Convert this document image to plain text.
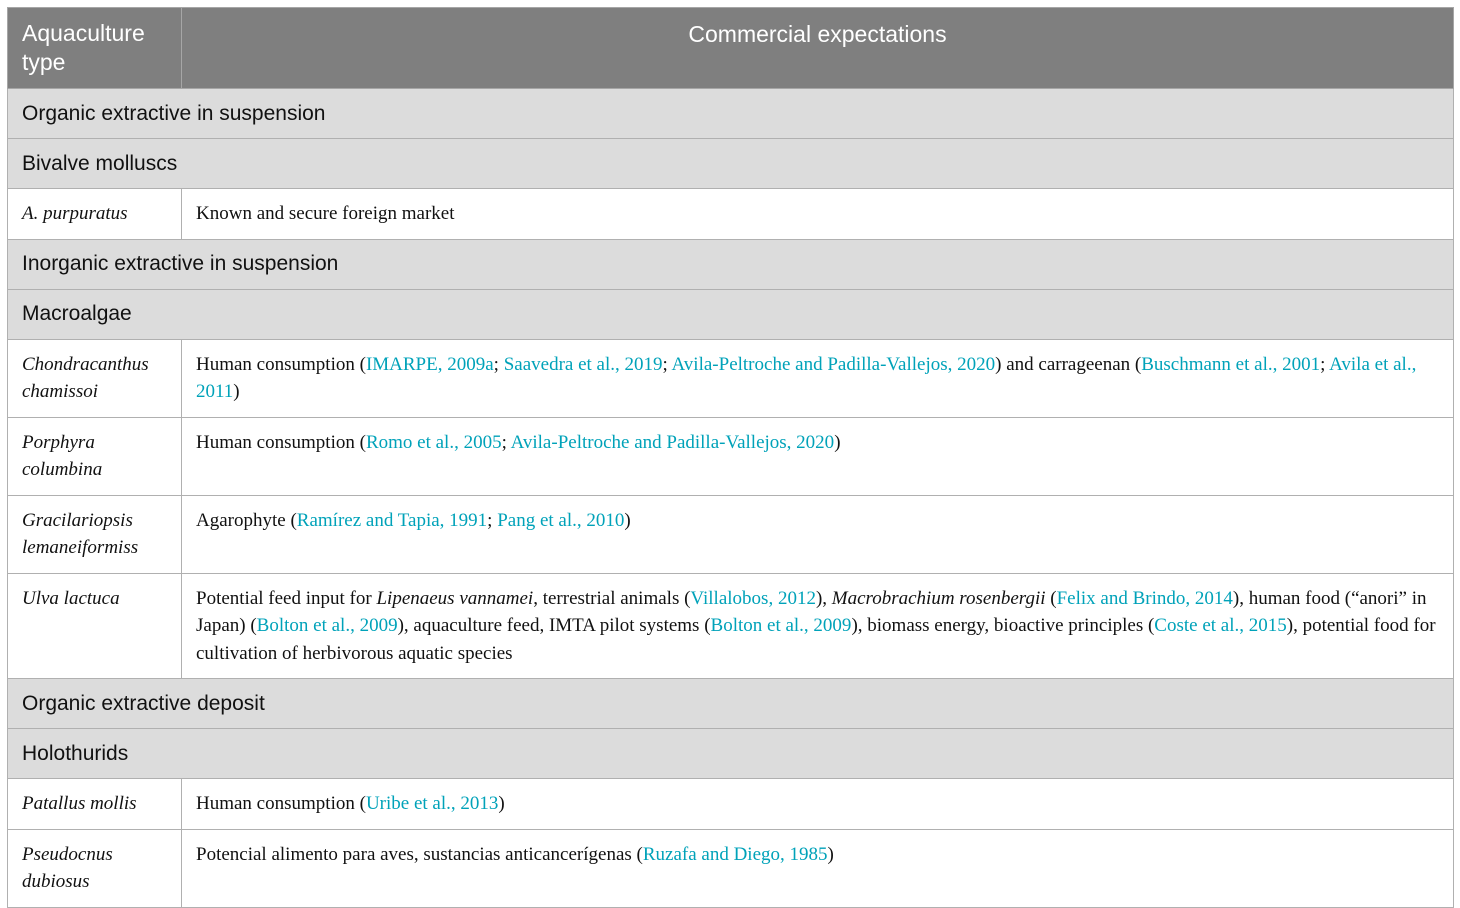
Aquaculture type	Commercial expectations
Organic extractive in suspension	
Bivalve molluscs	
A. purpuratus	Known and secure foreign market
Inorganic extractive in suspension	
Macroalgae	
Chondracanthus chamissoi	Human consumption (IMARPE, 2009a; Saavedra et al., 2019; Avila-Peltroche and Padilla-Vallejos, 2020) and carrageenan (Buschmann et al., 2001; Avila et al., 2011)
Porphyra columbina	Human consumption (Romo et al., 2005; Avila-Peltroche and Padilla-Vallejos, 2020)
Gracilariopsis lemaneiformiss	Agarophyte (Ramírez and Tapia, 1991; Pang et al., 2010)
Ulva lactuca	Potential feed input for Lipenaeus vannamei, terrestrial animals (Villalobos, 2012), Macrobrachium rosenbergii (Felix and Brindo, 2014), human food (“anori” in Japan) (Bolton et al., 2009), aquaculture feed, IMTA pilot systems (Bolton et al., 2009), biomass energy, bioactive principles (Coste et al., 2015), potential food for cultivation of herbivorous aquatic species
Organic extractive deposit	
Holothurids	
Patallus mollis	Human consumption (Uribe et al., 2013)
Pseudocnus dubiosus	Potencial alimento para aves, sustancias anticancerígenas (Ruzafa and Diego, 1985)
